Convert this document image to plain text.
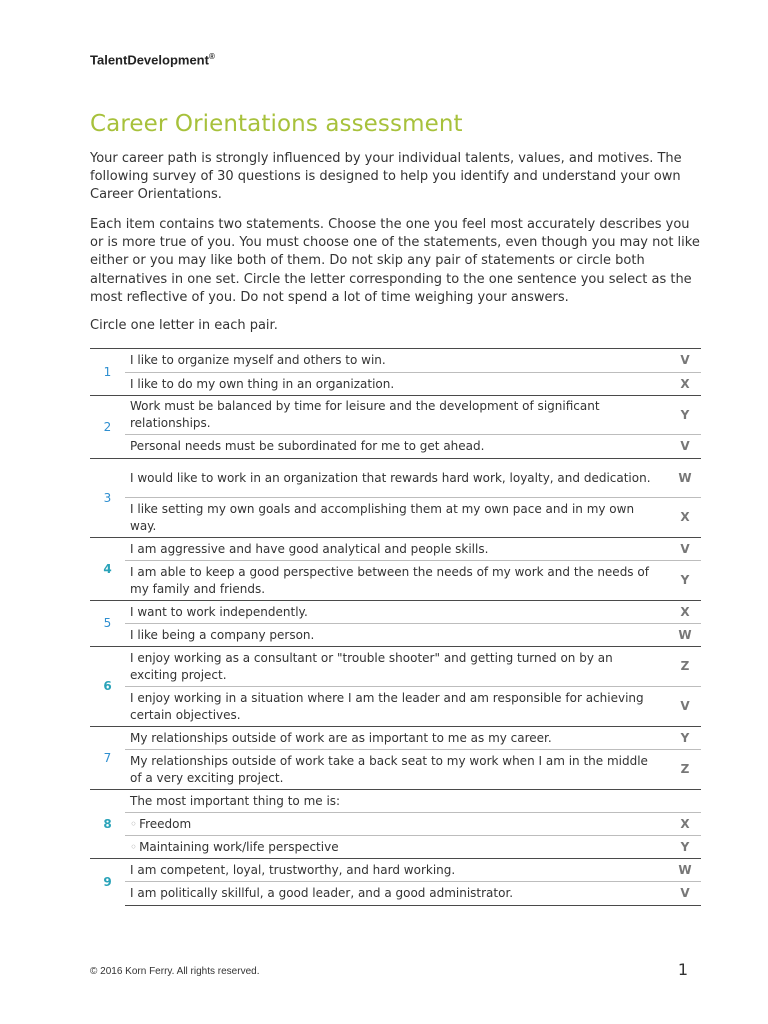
TalentDevelopment®
Career Orientations assessment

Your career path is strongly influenced by your individual talents, values, and motives. The following survey of 30 questions is designed to help you identify and understand your own Career Orientations.

Each item contains two statements. Choose the one you feel most accurately describes you or is more true of you. You must choose one of the statements, even though you may not like either or you may like both of them. Do not skip any pair of statements or circle both alternatives in one set. Circle the letter corresponding to the one sentence you select as the most reflective of you. Do not spend a lot of time weighing your answers.

Circle one letter in each pair.

1	I like to organize myself and others to win.	V
	I like to do my own thing in an organization.	X
2	Work must be balanced by time for leisure and the development of significant relationships.	Y
	Personal needs must be subordinated for me to get ahead.	V
3	I would like to work in an organization that rewards hard work, loyalty, and dedication.	W
	I like setting my own goals and accomplishing them at my own pace and in my own way.	X
4	I am aggressive and have good analytical and people skills.	V
	I am able to keep a good perspective between the needs of my work and the needs of my family and friends.	Y
5	I want to work independently.	X
	I like being a company person.	W
6	I enjoy working as a consultant or "trouble shooter" and getting turned on by an exciting project.	Z
	I enjoy working in a situation where I am the leader and am responsible for achieving certain objectives.	V
7	My relationships outside of work are as important to me as my career.	Y
	My relationships outside of work take a back seat to my work when I am in the middle of a very exciting project.	Z
8	The most important thing to me is:	
	◦ Freedom	X
	◦ Maintaining work/life perspective	Y
9	I am competent, loyal, trustworthy, and hard working.	W
	I am politically skillful, a good leader, and a good administrator.	V
© 2016 Korn Ferry. All rights reserved.	1
